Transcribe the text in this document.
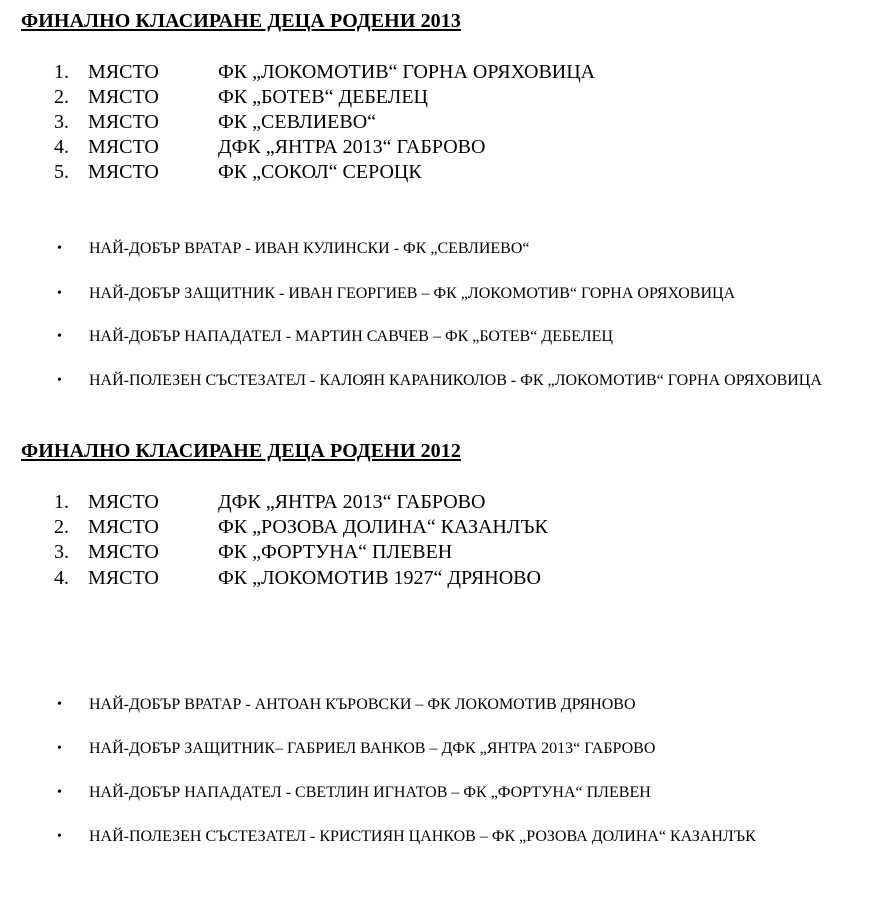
ФИНАЛНО КЛАСИРАНЕ ДЕЦА РОДЕНИ 2013
1. МЯСТО	ФК „ЛОКОМОТИВ“ ГОРНА ОРЯХОВИЦА
2. МЯСТО	ФК „БОТЕВ“ ДЕБЕЛЕЦ
3. МЯСТО	ФК „СЕВЛИЕВО“
4. МЯСТО	ДФК „ЯНТРА 2013“ ГАБРОВО
5. МЯСТО	ФК „СОКОЛ“ СЕРОЦК
• НАЙ-ДОБЪР ВРАТАР - ИВАН КУЛИНСКИ - ФК „СЕВЛИЕВО“
• НАЙ-ДОБЪР ЗАЩИТНИК - ИВАН ГЕОРГИЕВ – ФК „ЛОКОМОТИВ“ ГОРНА ОРЯХОВИЦА
• НАЙ-ДОБЪР НАПАДАТЕЛ - МАРТИН САВЧЕВ – ФК „БОТЕВ“ ДЕБЕЛЕЦ
• НАЙ-ПОЛЕЗЕН СЪСТЕЗАТЕЛ - КАЛОЯН КАРАНИКОЛОВ - ФК „ЛОКОМОТИВ“ ГОРНА ОРЯХОВИЦА
ФИНАЛНО КЛАСИРАНЕ ДЕЦА РОДЕНИ 2012
1. МЯСТО	ДФК „ЯНТРА 2013“ ГАБРОВО
2. МЯСТО	ФК „РОЗОВА ДОЛИНА“ КАЗАНЛЪК
3. МЯСТО	ФК „ФОРТУНА“ ПЛЕВЕН
4. МЯСТО	ФК „ЛОКОМОТИВ 1927“ ДРЯНОВО
• НАЙ-ДОБЪР ВРАТАР - АНТОАН КЪРОВСКИ – ФК ЛОКОМОТИВ ДРЯНОВО
• НАЙ-ДОБЪР ЗАЩИТНИК– ГАБРИЕЛ ВАНКОВ – ДФК „ЯНТРА 2013“ ГАБРОВО
• НАЙ-ДОБЪР НАПАДАТЕЛ - СВЕТЛИН ИГНАТОВ – ФК „ФОРТУНА“ ПЛЕВЕН
• НАЙ-ПОЛЕЗЕН СЪСТЕЗАТЕЛ - КРИСТИЯН ЦАНКОВ – ФК „РОЗОВА ДОЛИНА“ КАЗАНЛЪК
